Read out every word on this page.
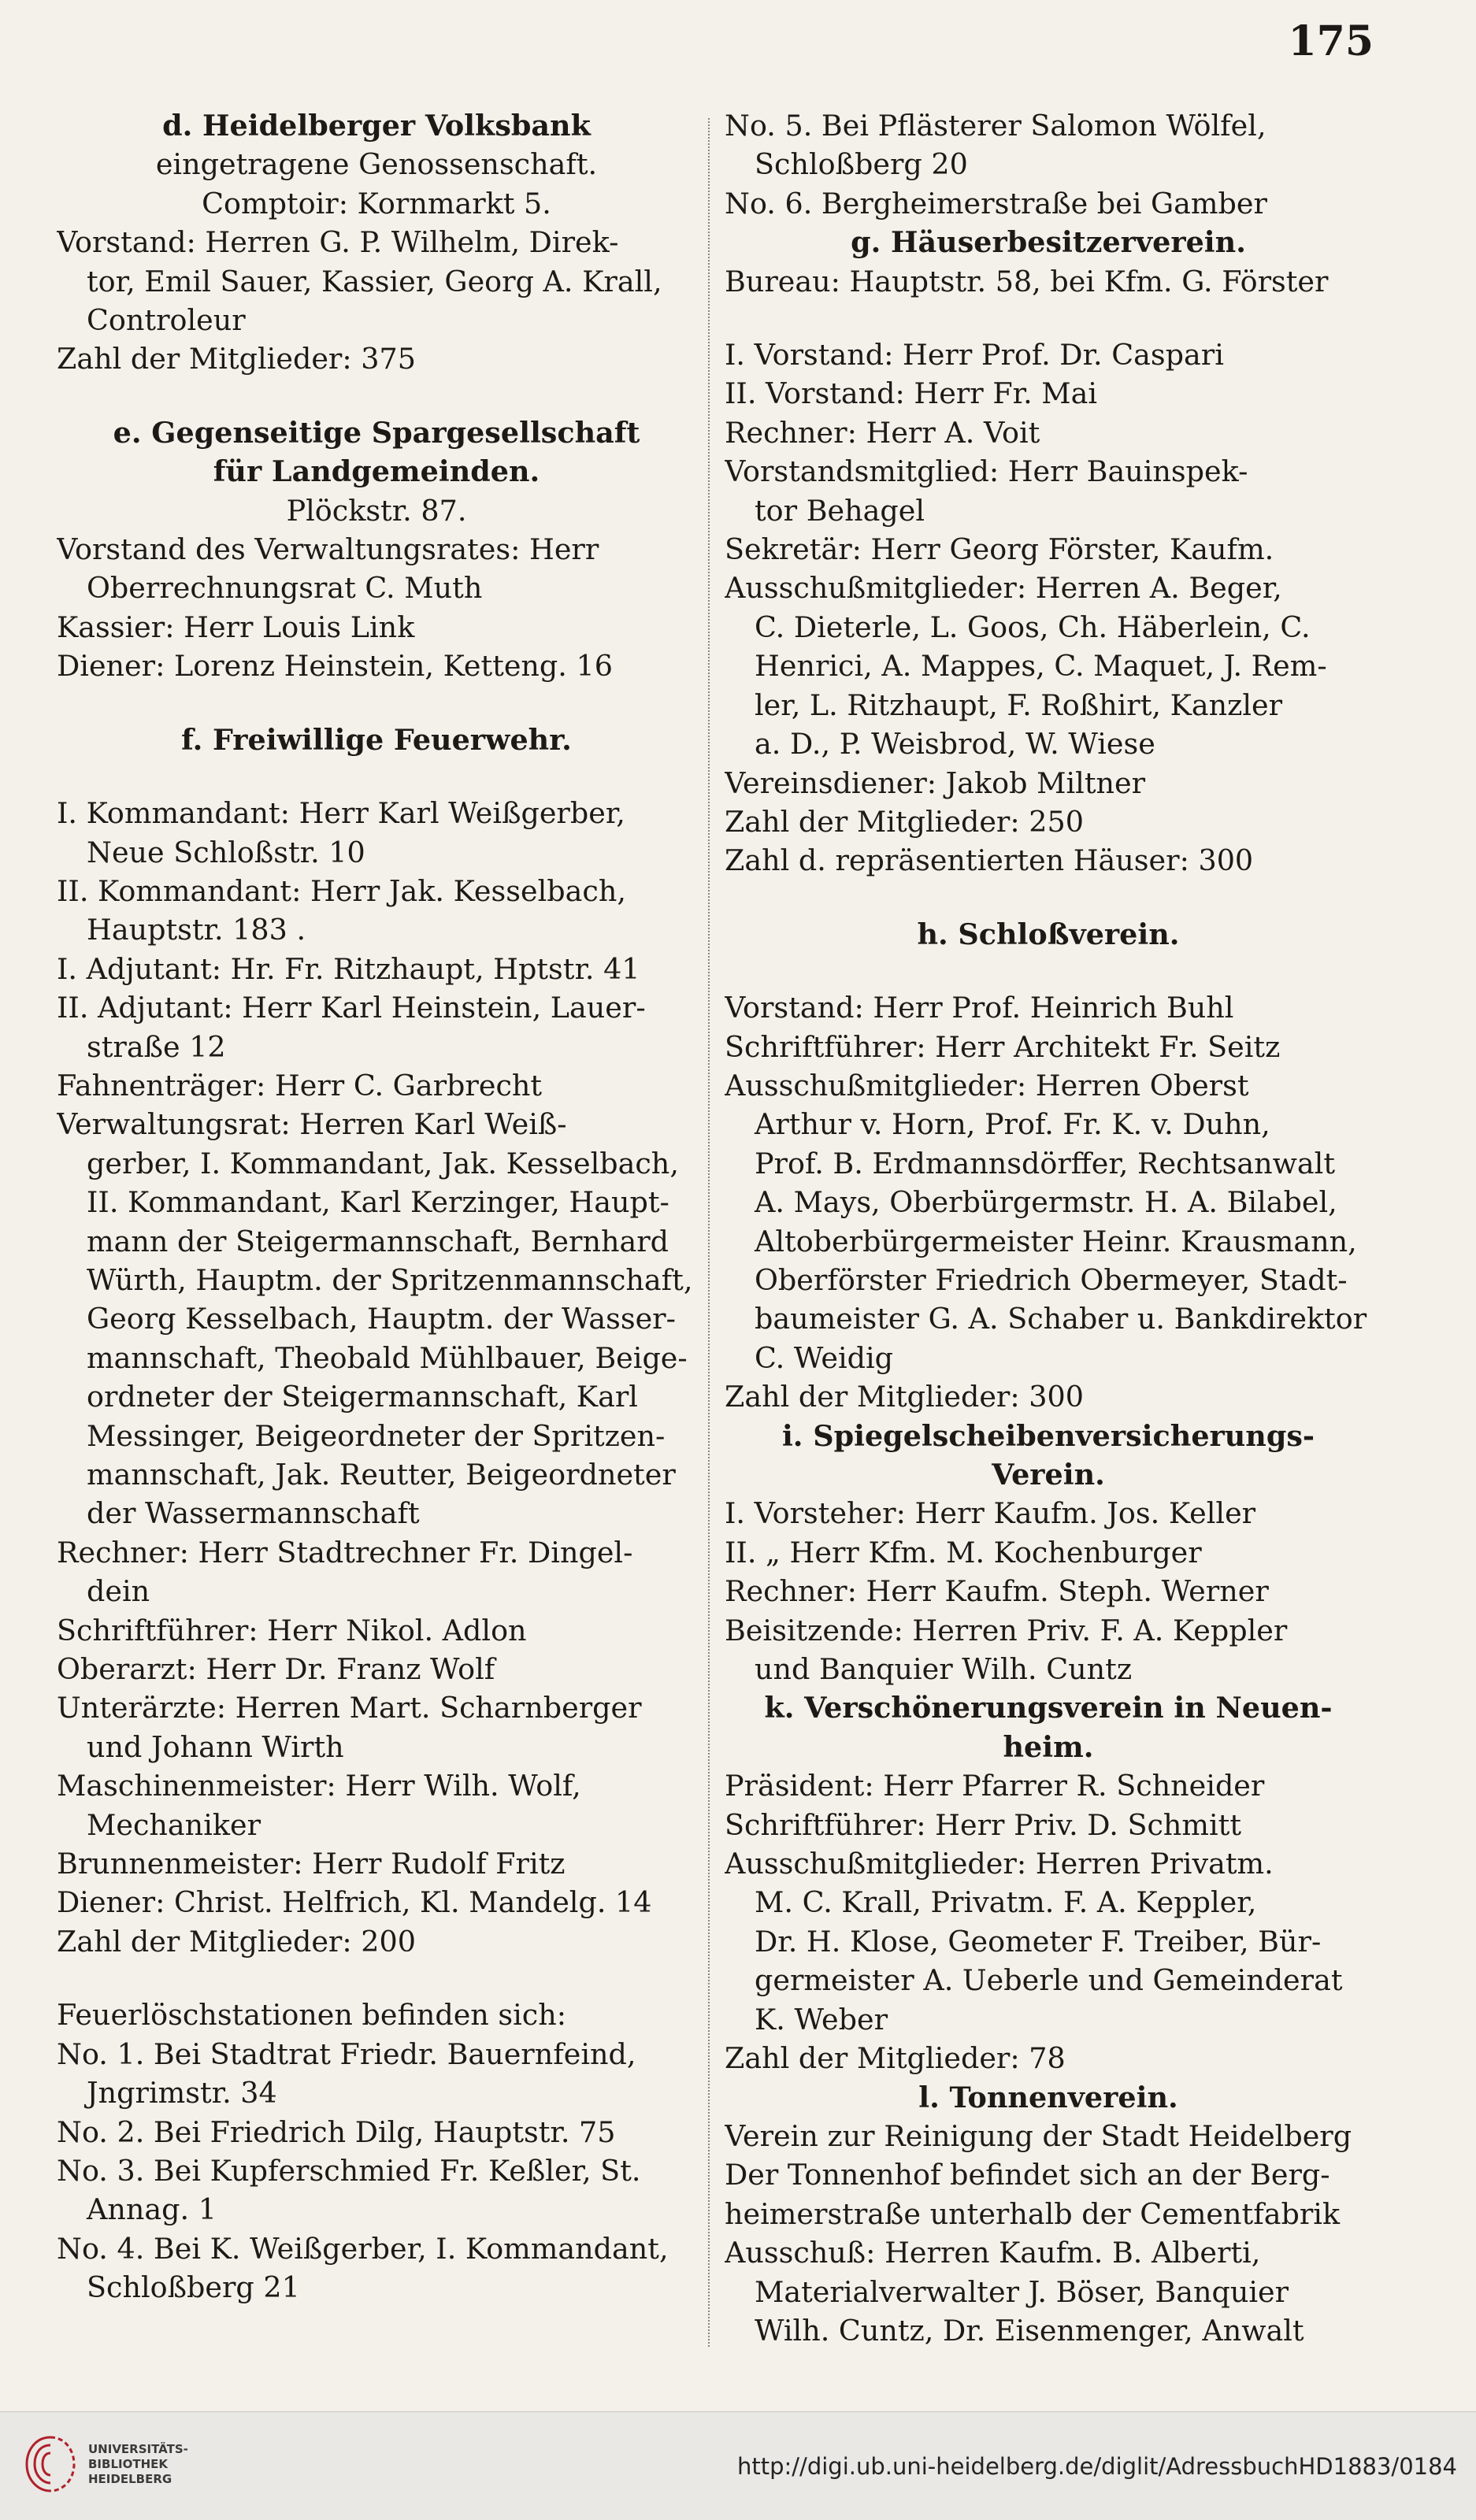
175
d. Heidelberger Volksbank
eingetragene Genossenschaft.
Comptoir: Kornmarkt 5.
Vorstand: Herren G. P. Wilhelm, Direk-
tor, Emil Sauer, Kassier, Georg A. Krall,
Controleur
Zahl der Mitglieder: 375
e. Gegenseitige Spargesellschaft
für Landgemeinden.
Plöckstr. 87.
Vorstand des Verwaltungsrates: Herr
Oberrechnungsrat C. Muth
Kassier: Herr Louis Link
Diener: Lorenz Heinstein, Ketteng. 16
f. Freiwillige Feuerwehr.
I. Kommandant: Herr Karl Weißgerber,
Neue Schloßstr. 10
II. Kommandant: Herr Jak. Kesselbach,
Hauptstr. 183 .
I. Adjutant: Hr. Fr. Ritzhaupt, Hptstr. 41
II. Adjutant: Herr Karl Heinstein, Lauer-
straße 12
Fahnenträger: Herr C. Garbrecht
Verwaltungsrat: Herren Karl Weiß-
gerber, I. Kommandant, Jak. Kesselbach,
II. Kommandant, Karl Kerzinger, Haupt-
mann der Steigermannschaft, Bernhard
Würth, Hauptm. der Spritzenmannschaft,
Georg Kesselbach, Hauptm. der Wasser-
mannschaft, Theobald Mühlbauer, Beige-
ordneter der Steigermannschaft, Karl
Messinger, Beigeordneter der Spritzen-
mannschaft, Jak. Reutter, Beigeordneter
der Wassermannschaft
Rechner: Herr Stadtrechner Fr. Dingel-
dein
Schriftführer: Herr Nikol. Adlon
Oberarzt: Herr Dr. Franz Wolf
Unterärzte: Herren Mart. Scharnberger
und Johann Wirth
Maschinenmeister: Herr Wilh. Wolf,
Mechaniker
Brunnenmeister: Herr Rudolf Fritz
Diener: Christ. Helfrich, Kl. Mandelg. 14
Zahl der Mitglieder: 200
Feuerlöschstationen befinden sich:
No. 1. Bei Stadtrat Friedr. Bauernfeind,
Jngrimstr. 34
No. 2. Bei Friedrich Dilg, Hauptstr. 75
No. 3. Bei Kupferschmied Fr. Keßler, St.
Annag. 1
No. 4. Bei K. Weißgerber, I. Kommandant,
Schloßberg 21
No. 5. Bei Pflästerer Salomon Wölfel,
Schloßberg 20
No. 6. Bergheimerstraße bei Gamber
g. Häuserbesitzerverein.
Bureau: Hauptstr. 58, bei Kfm. G. Förster
I. Vorstand: Herr Prof. Dr. Caspari
II. Vorstand: Herr Fr. Mai
Rechner: Herr A. Voit
Vorstandsmitglied: Herr Bauinspek-
tor Behagel
Sekretär: Herr Georg Förster, Kaufm.
Ausschußmitglieder: Herren A. Beger,
C. Dieterle, L. Goos, Ch. Häberlein, C.
Henrici, A. Mappes, C. Maquet, J. Rem-
ler, L. Ritzhaupt, F. Roßhirt, Kanzler
a. D., P. Weisbrod, W. Wiese
Vereinsdiener: Jakob Miltner
Zahl der Mitglieder: 250
Zahl d. repräsentierten Häuser: 300
h. Schloßverein.
Vorstand: Herr Prof. Heinrich Buhl
Schriftführer: Herr Architekt Fr. Seitz
Ausschußmitglieder: Herren Oberst
Arthur v. Horn, Prof. Fr. K. v. Duhn,
Prof. B. Erdmannsdörffer, Rechtsanwalt
A. Mays, Oberbürgermstr. H. A. Bilabel,
Altoberbürgermeister Heinr. Krausmann,
Oberförster Friedrich Obermeyer, Stadt-
baumeister G. A. Schaber u. Bankdirektor
C. Weidig
Zahl der Mitglieder: 300
i. Spiegelscheibenversicherungs-
Verein.
I. Vorsteher: Herr Kaufm. Jos. Keller
II. „ Herr Kfm. M. Kochenburger
Rechner: Herr Kaufm. Steph. Werner
Beisitzende: Herren Priv. F. A. Keppler
und Banquier Wilh. Cuntz
k. Verschönerungsverein in Neuen-
heim.
Präsident: Herr Pfarrer R. Schneider
Schriftführer: Herr Priv. D. Schmitt
Ausschußmitglieder: Herren Privatm.
M. C. Krall, Privatm. F. A. Keppler,
Dr. H. Klose, Geometer F. Treiber, Bür-
germeister A. Ueberle und Gemeinderat
K. Weber
Zahl der Mitglieder: 78
l. Tonnenverein.
Verein zur Reinigung der Stadt Heidelberg
Der Tonnenhof befindet sich an der Berg-
heimerstraße unterhalb der Cementfabrik
Ausschuß: Herren Kaufm. B. Alberti,
Materialverwalter J. Böser, Banquier
Wilh. Cuntz, Dr. Eisenmenger, Anwalt
UNIVERSITÄTS-
BIBLIOTHEK
HEIDELBERG	http://digi.ub.uni-heidelberg.de/diglit/AdressbuchHD1883/0184
